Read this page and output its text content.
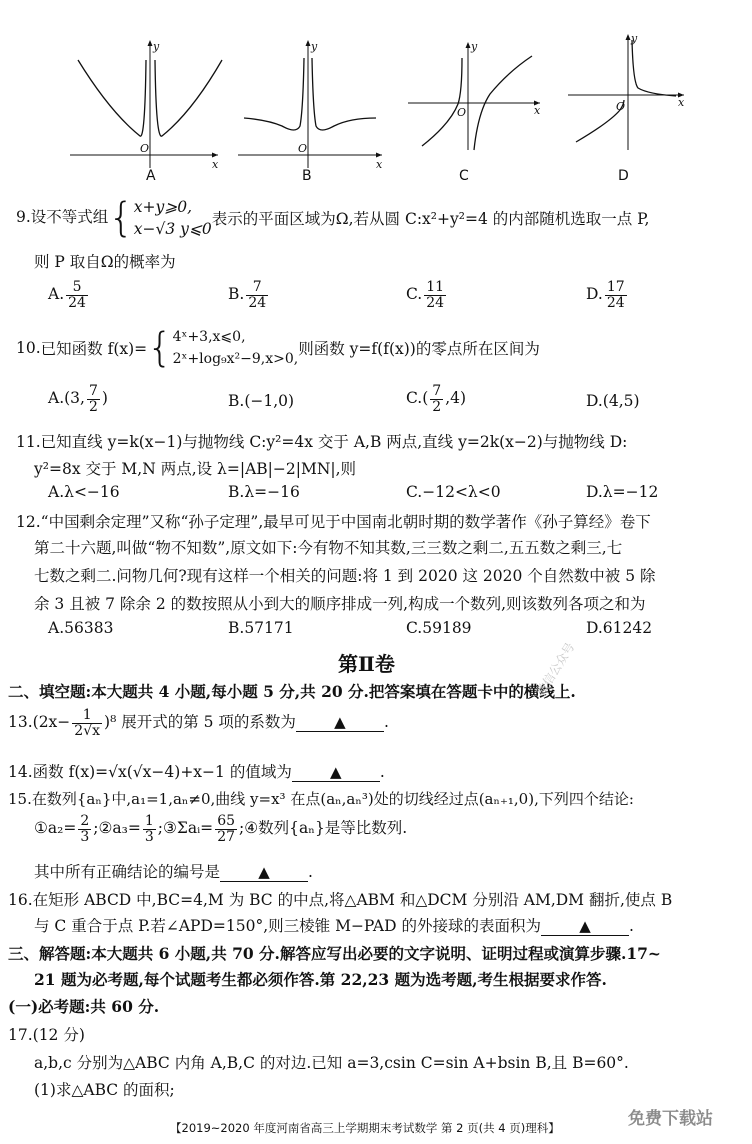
O
x
y
O
x
y
O	x
y
O	x
y
A	B	C	D
9.设不等式组{ x+y⩾0,
x−√3 y⩽0
表示的平面区域为Ω,若从圆 C:x²+y²=4 的内部随机选取一点 P,
则 P 取自Ω的概率为
A. $\frac{5}{24}$	B. $\frac{7}{24}$	C. $\frac{11}{24}$	D. $\frac{17}{24}$
10.已知函数 f(x)={ 4ˣ+3,x⩽0,
2ˣ+log₉x²−9,x>0,
则函数 y=f(f(x))的零点所在区间为
A.(3, $\frac{7}{2}$ )	B.(−1,0)	$C.( \frac{7}{2} ,4)$	D.(4,5)
11.已知直线 y=k(x−1)与抛物线 C:y²=4x 交于 A,B 两点,直线 y=2k(x−2)与抛物线 D:
y²=8x 交于 M,N 两点,设 λ=|AB|−2|MN|,则
A.λ<−16	B.λ=−16	C.−12<λ<0	D.λ=−12
12.“中国剩余定理”又称“孙子定理”,最早可见于中国南北朝时期的数学著作《孙子算经》卷下
第二十六题,叫做“物不知数”,原文如下:今有物不知其数,三三数之剩二,五五数之剩三,七
七数之剩二.问物几何?现有这样一个相关的问题:将 1 到 2020 这 2020 个自然数中被 5 除
余 3 且被 7 除余 2 的数按照从小到大的顺序排成一列,构成一个数列,则该数列各项之和为
A.56383	B.57171	C.59189	D.61242
第Ⅱ卷
二、填空题:本大题共 4 小题,每小题 5 分,共 20 分.把答案填在答题卡中的横线上.
$13.(2x- \frac{1}{2√x} )^8$ 展开式的第 5 项的系数为	▲ .
14.函数 f(x)=√x(√x−4)+x−1 的值域为	▲ .
15.在数列{aₙ}中,a₁=1,aₙ≠0,曲线 y=x³ 在点(aₙ,aₙ³)处的切线经过点(aₙ₊₁,0),下列四个结论:
①a₂= $\frac{2}{3}$ ;②a₃= $\frac{1}{3}$ ;③Σaᵢ= $\frac{65}{27}$ ;④数列{aₙ}是等比数列.
其中所有正确结论的编号是	▲ .
16.在矩形 ABCD 中,BC=4,M 为 BC 的中点,将△ABM 和△DCM 分别沿 AM,DM 翻折,使点 B
与 C 重合于点 P.若∠APD=150°,则三棱锥 M−PAD 的外接球的表面积为	▲ .
三、解答题:本大题共 6 小题,共 70 分.解答应写出必要的文字说明、证明过程或演算步骤.17~
21 题为必考题,每个试题考生都必须作答.第 22,23 题为选考题,考生根据要求作答.
(一)必考题:共 60 分.
17.(12 分)
a,b,c 分别为△ABC 内角 A,B,C 的对边.已知 a=3,csin C=sin A+bsin B,且 B=60°.
(1)求△ABC 的面积;
微信公众号
免费下载站
【2019~2020 年度河南省高三上学期期末考试数学 第 2 页(共 4 页)理科】
